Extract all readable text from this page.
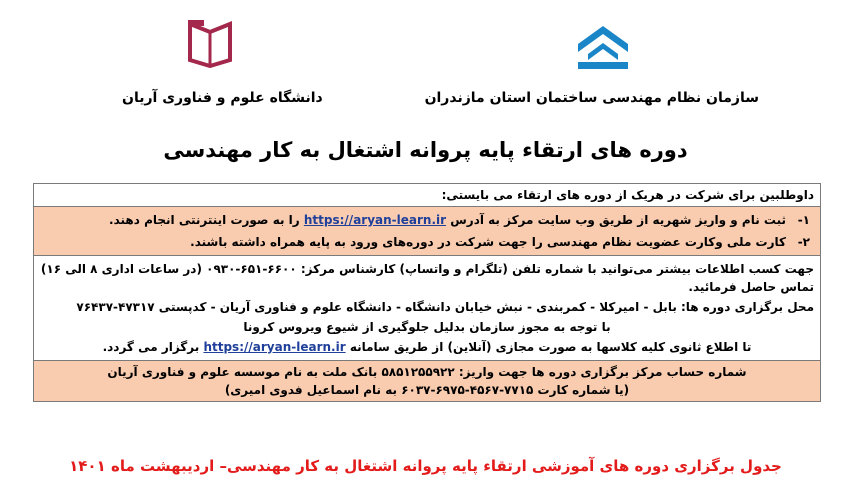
سازمان نظام مهندسی ساختمان استان مازندران
دانشگاه علوم و فناوری آریان
دوره های ارتقاء پایه پروانه اشتغال به کار مهندسی
داوطلبین برای شرکت در هریک از دوره های ارتقاء می بایستی:
۱-
ثبت نام و واریز شهریه از طریق وب سایت مرکز به آدرس https://aryan-learn.ir را به صورت اینترنتی انجام دهند.
۲-
کارت ملی وکارت عضویت نظام مهندسی را جهت شرکت در دوره‌های ورود به پایه همراه داشته باشند.

جهت کسب اطلاعات بیشتر می‌توانید با شماره تلفن (تلگرام و واتساپ) کارشناس مرکز: ۶۶۰۰-۶۵۱-۰۹۳۰ (در ساعات اداری ۸ الی ۱۶) تماس حاصل فرمائید.

محل برگزاری دوره ها: بابل - امیرکلا - کمربندی - نبش خیابان دانشگاه - دانشگاه علوم و فناوری آریان - کدپستی ۴۷۳۱۷-۷۶۴۳۷

با توجه به مجوز سازمان بدلیل جلوگیری از شیوع ویروس کرونا

تا اطلاع ثانوی کلیه کلاسها به صورت مجازی (آنلاین) از طریق سامانه https://aryan-learn.ir برگزار می گردد.

شماره حساب مرکز برگزاری دوره ها جهت واریز: ۵۸۵۱۲۵۵۹۲۲ بانک ملت به نام موسسه علوم و فناوری آریان
(یا شماره کارت ۷۷۱۵-۴۵۶۷-۶۹۷۵-۶۰۳۷ به نام اسماعیل فدوی امیری)
جدول برگزاری دوره های آموزشی ارتقاء پایه پروانه اشتغال به کار مهندسی– اردیبهشت ماه ۱۴۰۱
